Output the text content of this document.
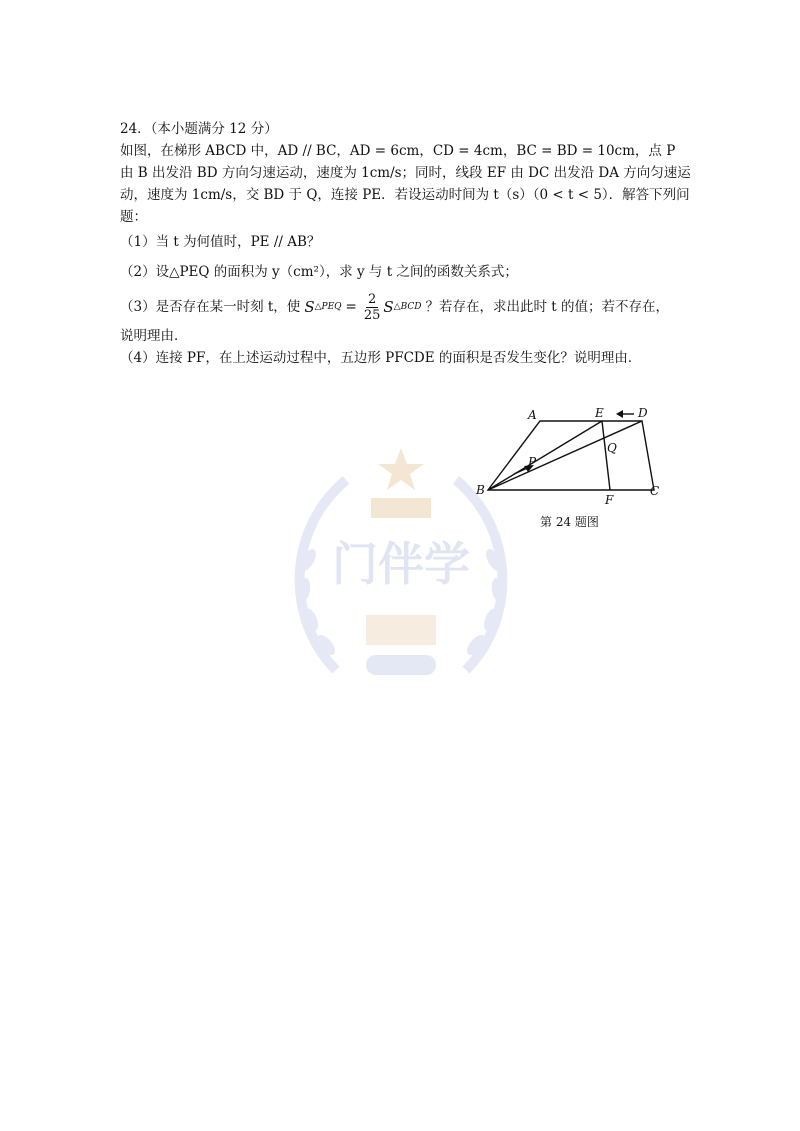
门伴学
24．（本小题满分 12 分）
如图，在梯形 ABCD 中，AD // BC，AD = 6cm，CD = 4cm，BC = BD = 10cm，点 P
由 B 出发沿 BD 方向匀速运动，速度为 1cm/s；同时，线段 EF 由 DC 出发沿 DA 方向匀速运
动，速度为 1cm/s，交 BD 于 Q，连接 PE．若设运动时间为 t（s）（0 < t < 5）．解答下列问
题：
（1）当 t 为何值时，PE // AB？
（2）设△PEQ 的面积为 y（cm²），求 y 与 t 之间的函数关系式；
（3）是否存在某一时刻 t，使 S △PEQ = $\frac{2}{25}$ S △BCD ？若存在，求出此时 t 的值；若不存在，
说明理由．
（4）连接 PF，在上述运动过程中，五边形 PFCDE 的面积是否发生变化？说明理由．
A	E	D
Q
P
B
F
C
第 24 题图
